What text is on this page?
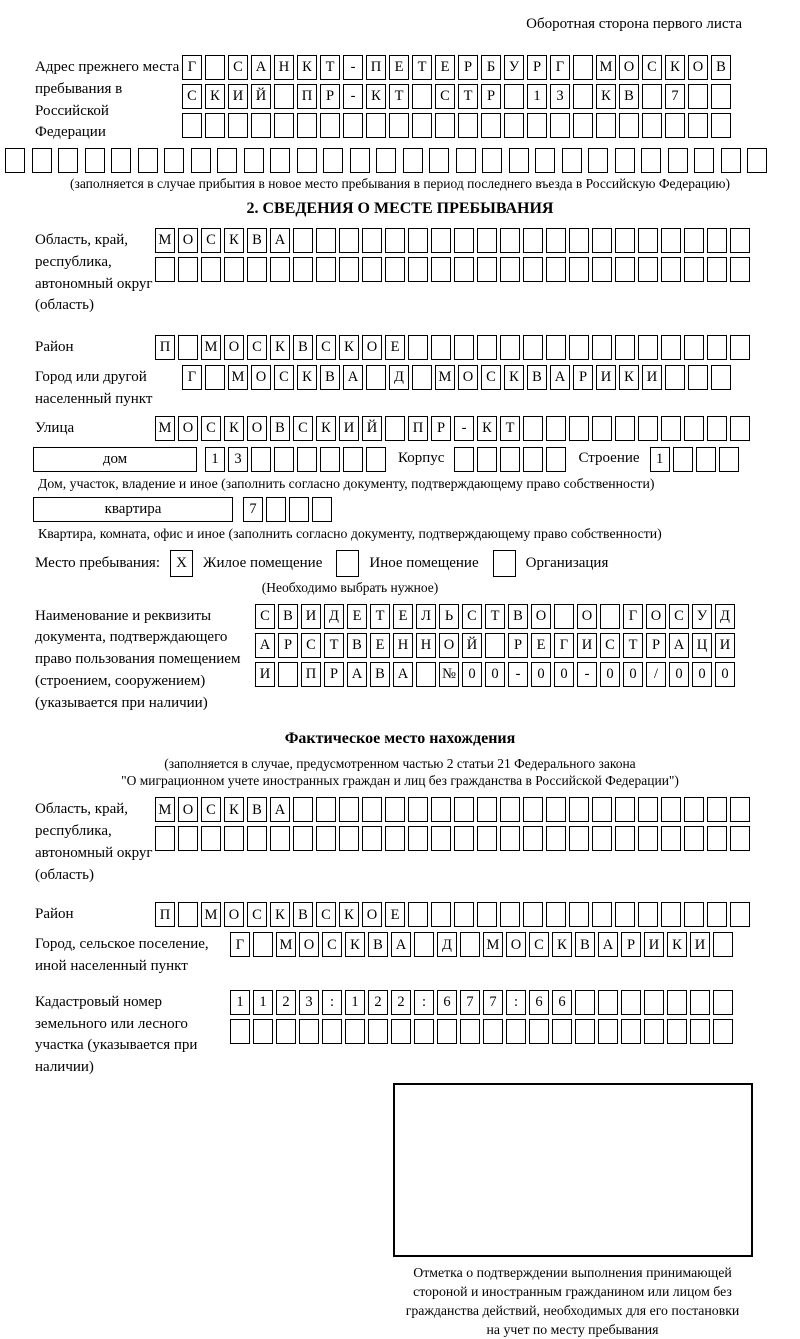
Оборотная сторона первого листа
Адрес прежнего места пребывания в Российской Федерации
Г	С А Н К Т	-	П Е Т Е	Р	Б У Р	Г	М О С К О В
С К И Й	П Р	-	К Т	С Т	Р	1	3	К В	7
(заполняется в случае прибытия в новое место пребывания в период последнего въезда в Российскую Федерацию)
2. СВЕДЕНИЯ О МЕСТЕ ПРЕБЫВАНИЯ
Область, край, республика, автономный округ (область)
М О С К В А
Район	П	М О С К В С К О Е
Город или другой населенный пункт
Г	М О С К В А	Д	М О С К В А Р И К И
Улица	М О С К О В С К И Й	П Р	-	К Т
дом	1	3	Корпус	Строение	1
Дом, участок, владение и иное (заполнить согласно документу, подтверждающему право собственности)
квартира	7
Квартира, комната, офис и иное (заполнить согласно документу, подтверждающему право собственности)
Место пребывания:	X	Жилое помещение	Иное помещение	Организация
(Необходимо выбрать нужное)
Наименование и реквизиты документа, подтверждающего право пользования помещением (строением, сооружением) (указывается при наличии)
С В И Д Е Т Е Л Ь С Т В О	О	Г О С У Д
А Р С Т В Е Н Н О Й	Р	Е Г И С Т	Р А Ц И
И	П Р А В А	№ 0	0	-	0	0	-	0	0	/	0	0	0
Фактическое место нахождения
(заполняется в случае, предусмотренном частью 2 статьи 21 Федерального закона
"О миграционном учете иностранных граждан и лиц без гражданства в Российской Федерации")
Область, край, республика, автономный округ (область)
М О С К В А
Район	П	М О С К В С К О Е
Город, сельское поселение, иной населенный пункт
Г	М О С К В А	Д	М О С К В А Р И К И
Кадастровый номер земельного или лесного участка (указывается при наличии)
1	1	2	3	:	1	2	2	:	6	7	7	:	6	6
Отметка о подтверждении выполнения принимающей
стороной и иностранным гражданином или лицом без
гражданства действий, необходимых для его постановки
на учет по месту пребывания
